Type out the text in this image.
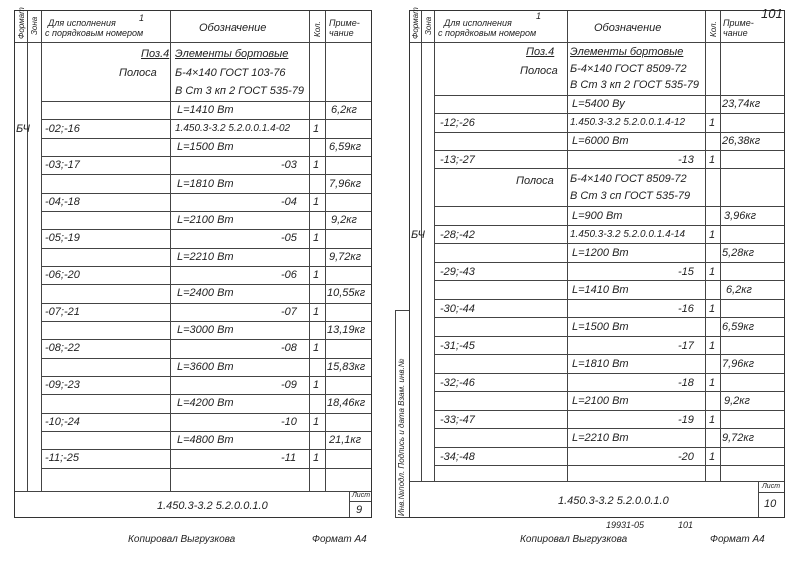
Формат Зона Для исполнения	1
с порядковым номером	Обозначение	Кол. Приме-
чание
Поз.4 Элементы бортовые
Полоса Б-4×140 ГОСТ 103-76
В Ст 3 кп 2 ГОСТ 535-79
L=1410 Вт	6,2кг
БЧ -02;-16	1.450.3-3.2 5.2.0.0.1.4-02 1
L=1500 Вт	6,59кг
-03;-17	-03 1
L=1810 Вт	7,96кг
-04;-18	-04 1
L=2100 Вт	9,2кг
-05;-19	-05 1
L=2210 Вт	9,72кг
-06;-20	-06 1
L=2400 Вт	10,55кг
-07;-21	-07 1
L=3000 Вт	13,19кг
-08;-22	-08 1
L=3600 Вт	15,83кг
-09;-23	-09 1
L=4200 Вт	18,46кг
-10;-24	-10 1
L=4800 Вт	21,1кг
-11;-25	-11 1
1.450.3-3.2 5.2.0.0.1.0
Лист
9
Копировал Выгрузкова	Формат А4
Инв.№подл. Подпись и дата Взам. инв.№
Формат Зона Для исполнения
1
с порядковым номером	Обозначение	Кол. Приме-
чание
101
Поз.4 Элементы бортовые
Полоса Б-4×140 ГОСТ 8509-72
В Ст 3 кп 2 ГОСТ 535-79
L=5400 Ву	23,74кг
-12;-26	1.450.3-3.2 5.2.0.0.1.4-12 1
L=6000 Вт	26,38кг
-13;-27	-13 1
Полоса Б-4×140 ГОСТ 8509-72
В Ст 3 сп ГОСТ 535-79
L=900 Вт	3,96кг
БЧ -28;-42	1.450.3-3.2 5.2.0.0.1.4-14 1
L=1200 Вт	5,28кг
-29;-43	-15 1
L=1410 Вт	6,2кг
-30;-44	-16 1
L=1500 Вт	6,59кг
-31;-45	-17 1
L=1810 Вт	7,96кг
-32;-46	-18 1
L=2100 Вт	9,2кг
-33;-47	-19 1
L=2210 Вт	9,72кг
-34;-48	-20 1
1.450.3-3.2 5.2.0.0.1.0
Лист
10
19931-05	101
Копировал Выгрузкова	Формат А4
